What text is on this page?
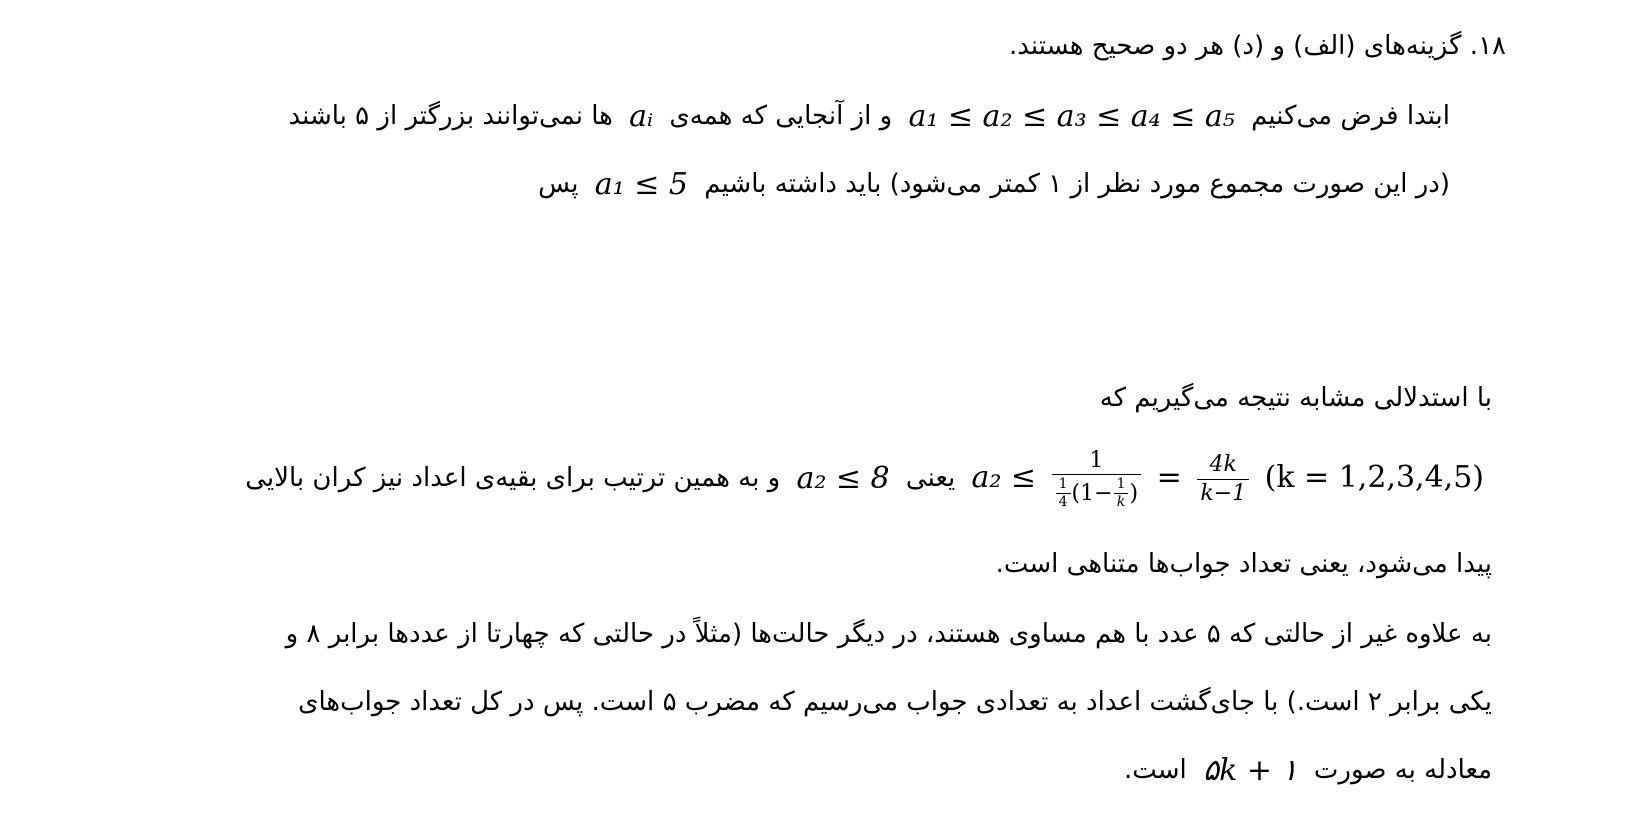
۱۸. گزینه‌های (الف) و (د) هر دو صحیح هستند.
ابتدا فرض می‌کنیم a₁ ≤ a₂ ≤ a₃ ≤ a₄ ≤ a₅ و از آنجایی که همه‌ی aᵢ ها نمی‌توانند بزرگتر از ۵ باشند
(در این صورت مجموع مورد نظر از ۱ کمتر می‌شود) باید داشته باشیم a₁ ≤ 5 پس
با استدلالی مشابه نتیجه می‌گیریم که
a₂ ≤ 1
$\frac{1}{4} (1- \frac{1}{k}$ ) = $\frac{4k}{k-1} (k = 1,2,3,4,5)$ یعنی a₂ ≤ 8 و به همین ترتیب برای بقیه‌ی اعداد نیز کران بالایی
پیدا می‌شود، یعنی تعداد جواب‌ها متناهی است.
به علاوه غیر از حالتی که ۵ عدد با هم مساوی هستند، در دیگر حالت‌ها (مثلاً در حالتی که چهارتا از عددها برابر ۸ و
یکی برابر ۲ است.) با جای‌گشت اعداد به تعدادی جواب می‌رسیم که مضرب ۵ است. پس در کل تعداد جواب‌های
معادله به صورت ۵k + ۱ است.
